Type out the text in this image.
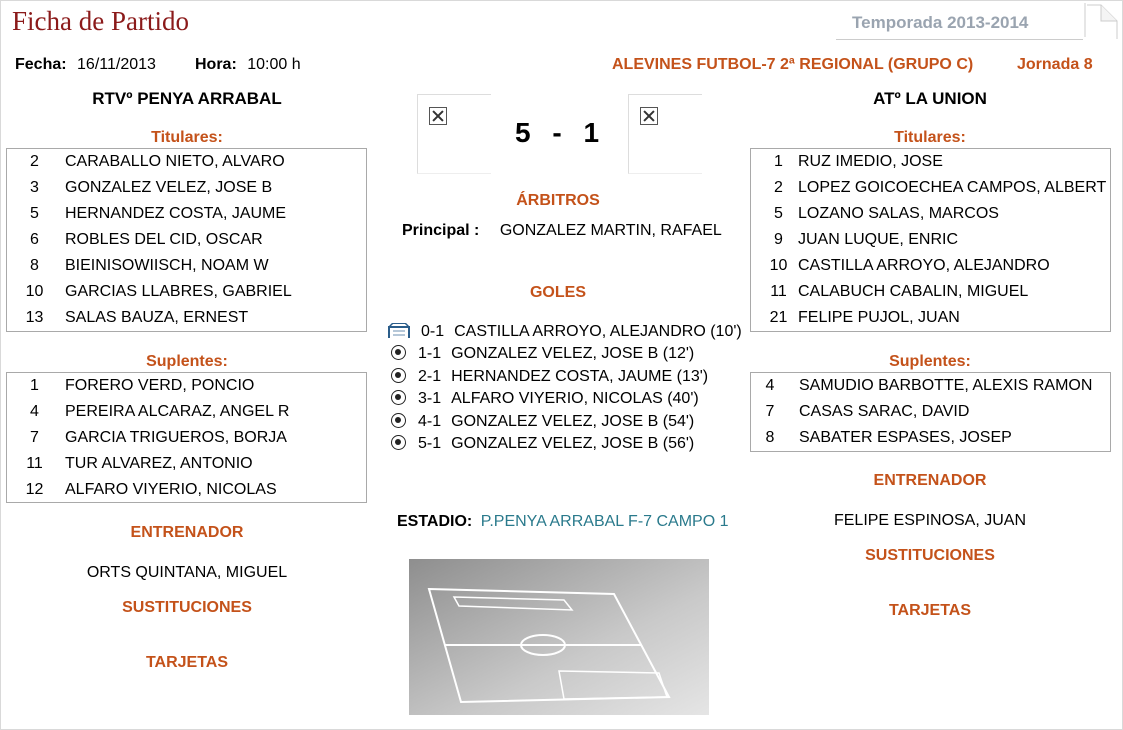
Ficha de Partido	Temporada 2013-2014
Fecha: 16/11/2013 Hora: 10:00 h	ALEVINES FUTBOL-7 2ª REGIONAL (GRUPO C)	Jornada 8
RTVº PENYA ARRABAL
Titulares:
2 CARABALLO NIETO, ALVARO
3 GONZALEZ VELEZ, JOSE B
5 HERNANDEZ COSTA, JAUME
6 ROBLES DEL CID, OSCAR
8 BIEINISOWIISCH, NOAM W
10 GARCIAS LLABRES, GABRIEL
13 SALAS BAUZA, ERNEST
Suplentes:
1 FORERO VERD, PONCIO
4 PEREIRA ALCARAZ, ANGEL R
7 GARCIA TRIGUEROS, BORJA
11 TUR ALVAREZ, ANTONIO
12 ALFARO VIYERIO, NICOLAS
ENTRENADOR
ORTS QUINTANA, MIGUEL
SUSTITUCIONES
TARJETAS
5 - 1
ÁRBITROS
Principal : GONZALEZ MARTIN, RAFAEL
GOLES
0-1 CASTILLA ARROYO, ALEJANDRO (10')
1-1 GONZALEZ VELEZ, JOSE B (12')
2-1 HERNANDEZ COSTA, JAUME (13')
3-1 ALFARO VIYERIO, NICOLAS (40')
4-1 GONZALEZ VELEZ, JOSE B (54')
5-1 GONZALEZ VELEZ, JOSE B (56')
ESTADIO: P.PENYA ARRABAL F-7 CAMPO 1
ATº LA UNION
Titulares:
1 RUZ IMEDIO, JOSE
2 LOPEZ GOICOECHEA CAMPOS, ALBERT
5 LOZANO SALAS, MARCOS
9 JUAN LUQUE, ENRIC
10 CASTILLA ARROYO, ALEJANDRO
11 CALABUCH CABALIN, MIGUEL
21 FELIPE PUJOL, JUAN
Suplentes:
4 SAMUDIO BARBOTTE, ALEXIS RAMON
7 CASAS SARAC, DAVID
8 SABATER ESPASES, JOSEP
ENTRENADOR
FELIPE ESPINOSA, JUAN
SUSTITUCIONES
TARJETAS
